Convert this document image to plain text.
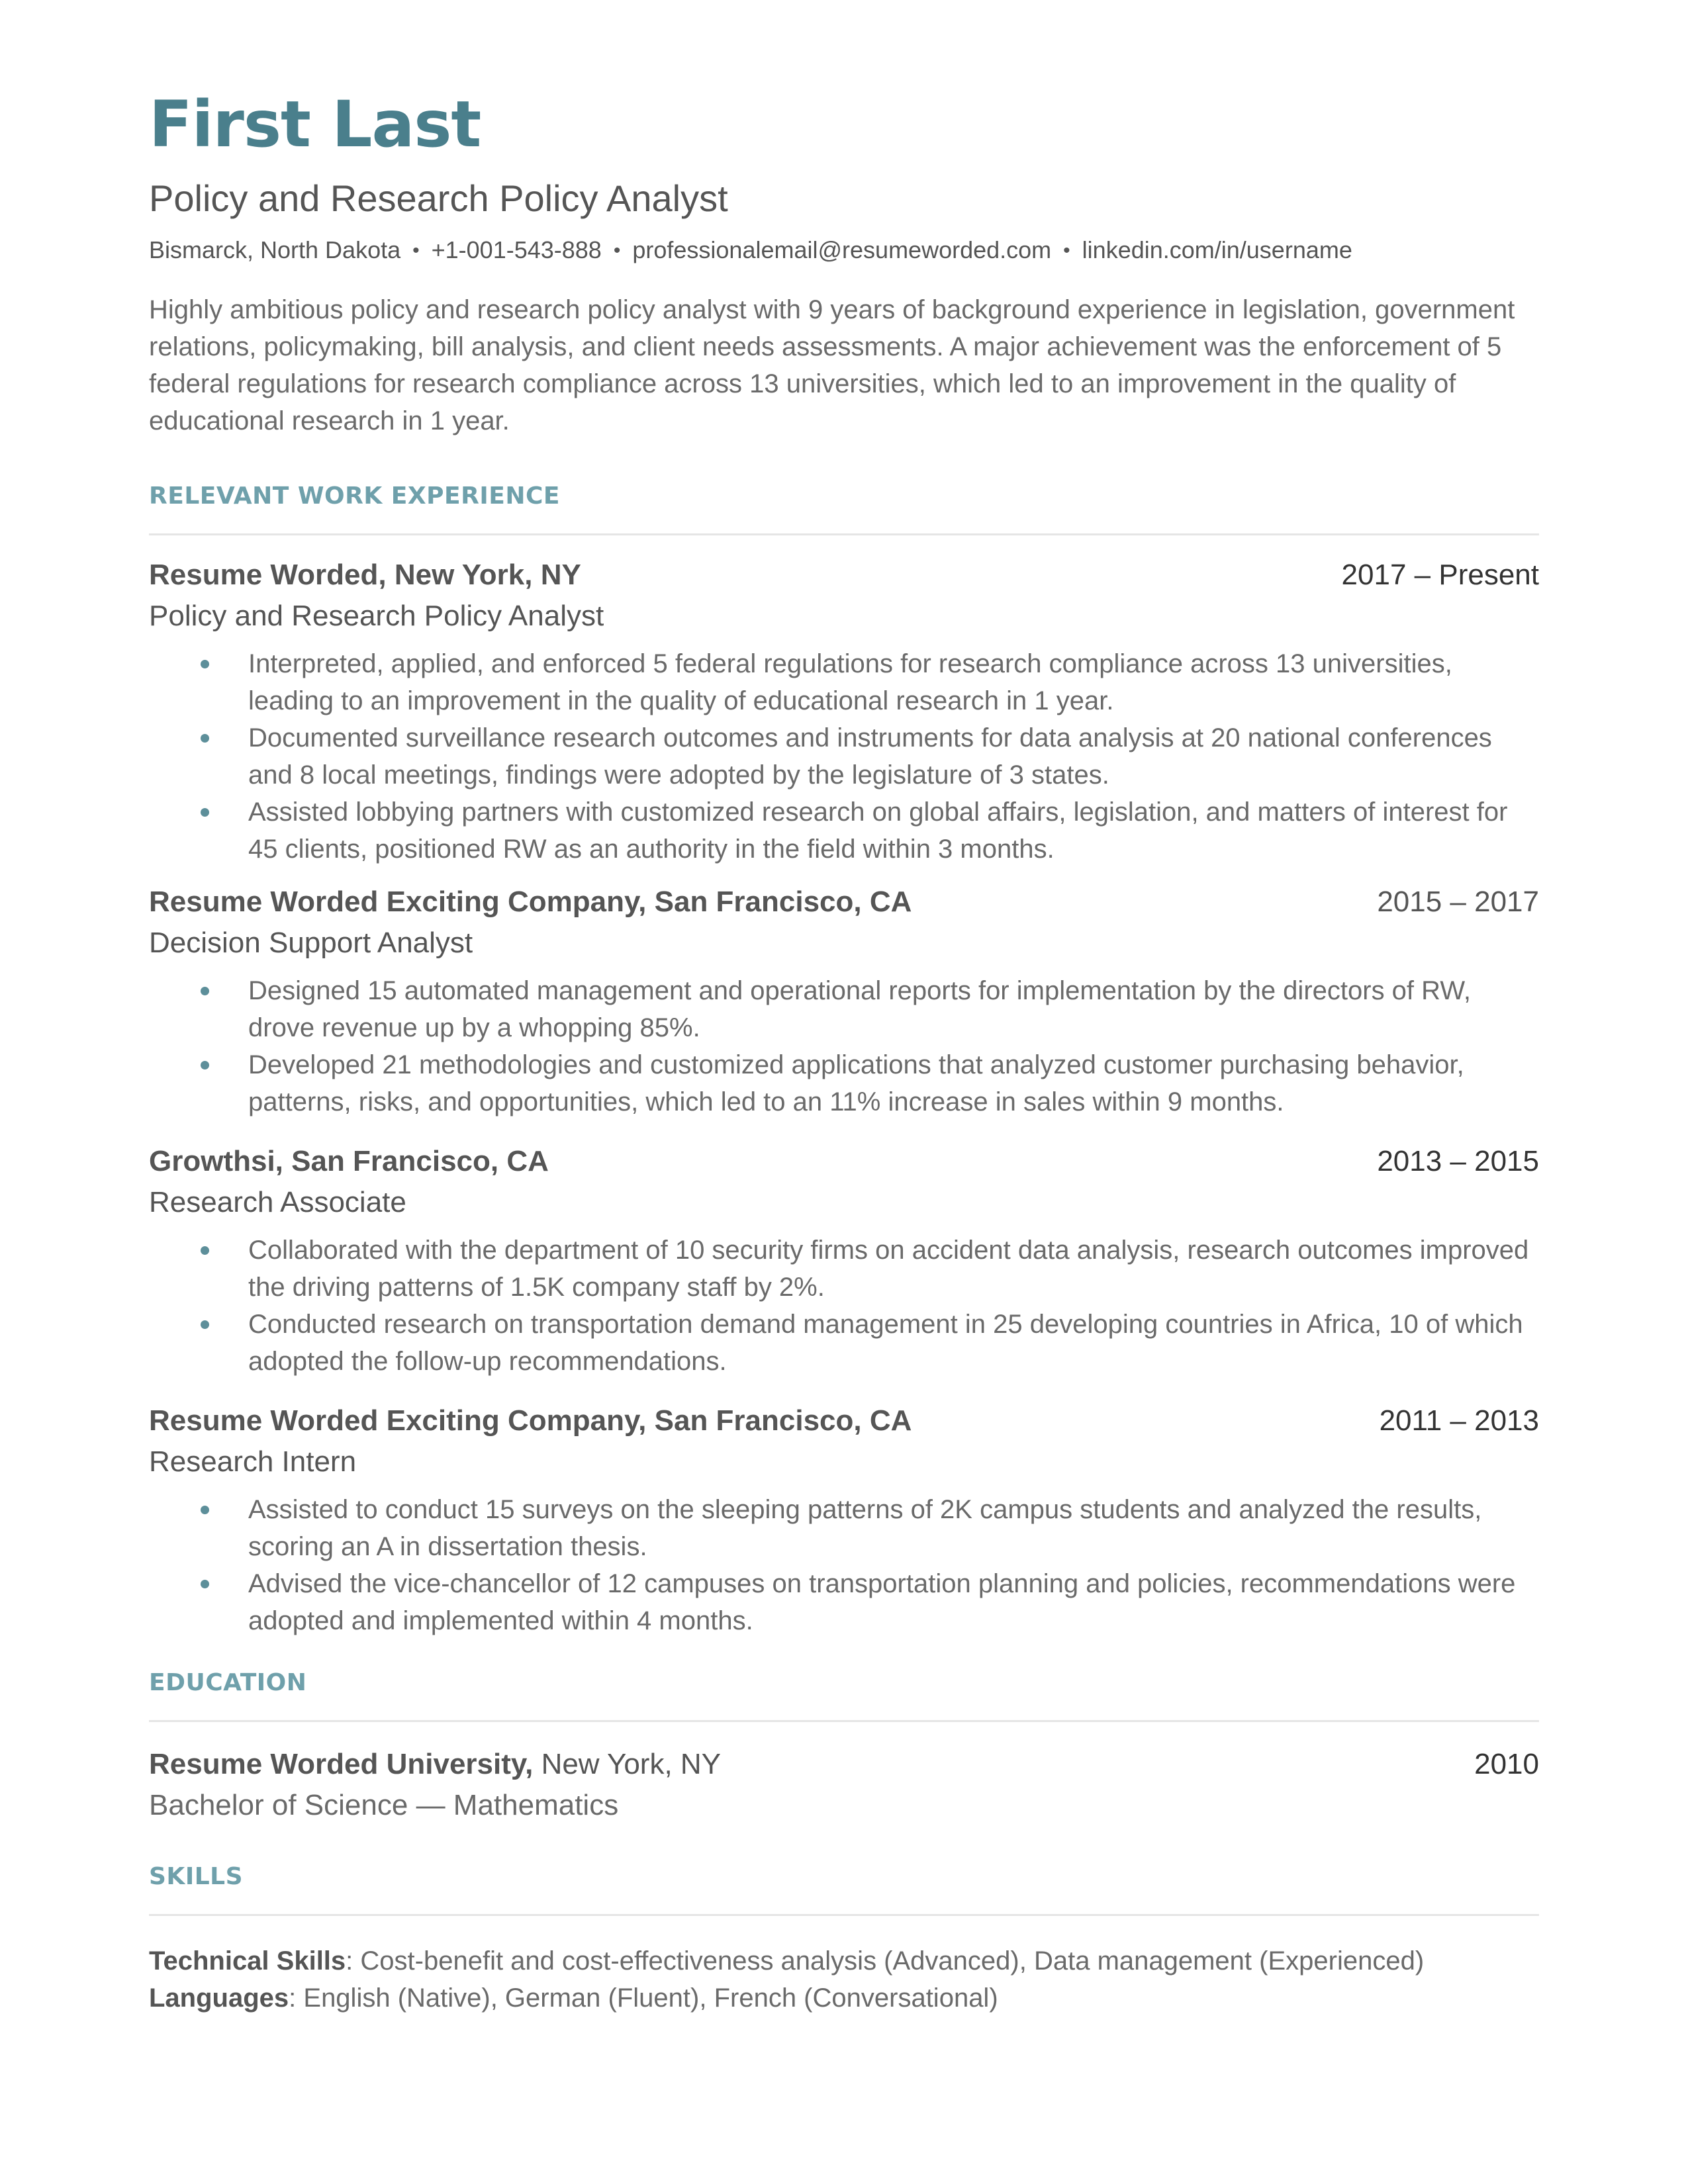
First Last
Policy and Research Policy Analyst
Bismarck, North Dakota • +1-001-543-888 • professionalemail@resumeworded.com • linkedin.com/in/username
Highly ambitious policy and research policy analyst with 9 years of background experience in legislation, government relations, policymaking, bill analysis, and client needs assessments. A major achievement was the enforcement of 5 federal regulations for research compliance across 13 universities, which led to an improvement in the quality of educational research in 1 year.
RELEVANT WORK EXPERIENCE
Resume Worded, New York, NY	2017 – Present
Policy and Research Policy Analyst
Interpreted, applied, and enforced 5 federal regulations for research compliance across 13 universities, leading to an improvement in the quality of educational research in 1 year.
Documented surveillance research outcomes and instruments for data analysis at 20 national conferences and 8 local meetings, findings were adopted by the legislature of 3 states.
Assisted lobbying partners with customized research on global affairs, legislation, and matters of interest for 45 clients, positioned RW as an authority in the field within 3 months.
Resume Worded Exciting Company, San Francisco, CA	2015 – 2017
Decision Support Analyst
Designed 15 automated management and operational reports for implementation by the directors of RW, drove revenue up by a whopping 85%.
Developed 21 methodologies and customized applications that analyzed customer purchasing behavior, patterns, risks, and opportunities, which led to an 11% increase in sales within 9 months.
Growthsi, San Francisco, CA	2013 – 2015
Research Associate
Collaborated with the department of 10 security firms on accident data analysis, research outcomes improved the driving patterns of 1.5K company staff by 2%.
Conducted research on transportation demand management in 25 developing countries in Africa, 10 of which adopted the follow-up recommendations.
Resume Worded Exciting Company, San Francisco, CA	2011 – 2013
Research Intern
Assisted to conduct 15 surveys on the sleeping patterns of 2K campus students and analyzed the results, scoring an A in dissertation thesis.
Advised the vice-chancellor of 12 campuses on transportation planning and policies, recommendations were adopted and implemented within 4 months.
EDUCATION
Resume Worded University, New York, NY	2010
Bachelor of Science — Mathematics
SKILLS
Technical Skills: Cost-benefit and cost-effectiveness analysis (Advanced), Data management (Experienced)
Languages: English (Native), German (Fluent), French (Conversational)
